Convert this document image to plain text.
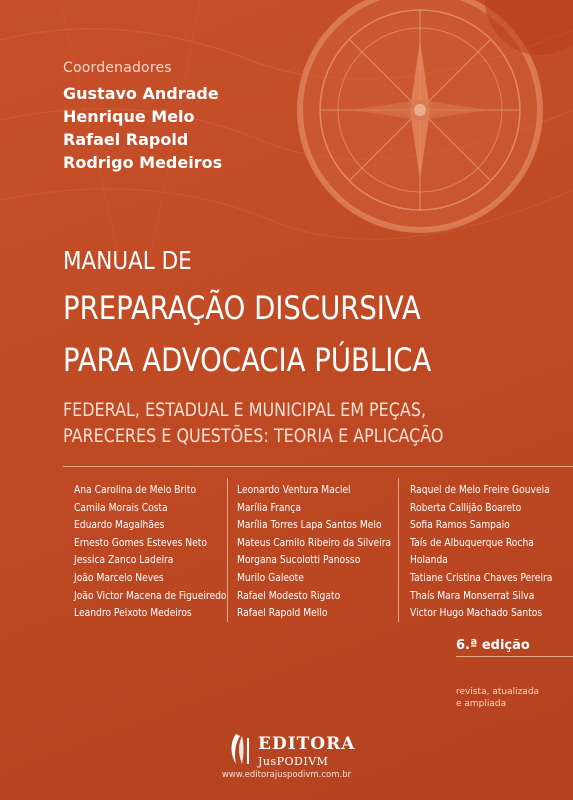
Coordenadores
Gustavo Andrade
Henrique Melo
Rafael Rapold
Rodrigo Medeiros
MANUAL DE
PREPARAÇÃO DISCURSIVA
PARA ADVOCACIA PÚBLICA
FEDERAL, ESTADUAL E MUNICIPAL EM PEÇAS,
PARECERES E QUESTÕES: TEORIA E APLICAÇÃO
Ana Carolina de Melo Brito
Camila Morais Costa
Eduardo Magalhães
Ernesto Gomes Esteves Neto
Jessica Zanco Ladeira
João Marcelo Neves
João Victor Macena de Figueiredo
Leandro Peixoto Medeiros
Leonardo Ventura Maciel
Marília França
Marília Torres Lapa Santos Melo
Mateus Camilo Ribeiro da Silveira
Morgana Sucolotti Panosso
Murilo Galeote
Rafael Modesto Rigato
Rafael Rapold Mello
Raquel de Melo Freire Gouveia
Roberta Callijão Boareto
Sofia Ramos Sampaio
Taís de Albuquerque Rocha
Holanda
Tatiane Cristina Chaves Pereira
Thaís Mara Monserrat Silva
Victor Hugo Machado Santos
6.ª edição
revista, atualizada
e ampliada
EDITORA
JusPODIVM
www.editorajuspodivm.com.br
